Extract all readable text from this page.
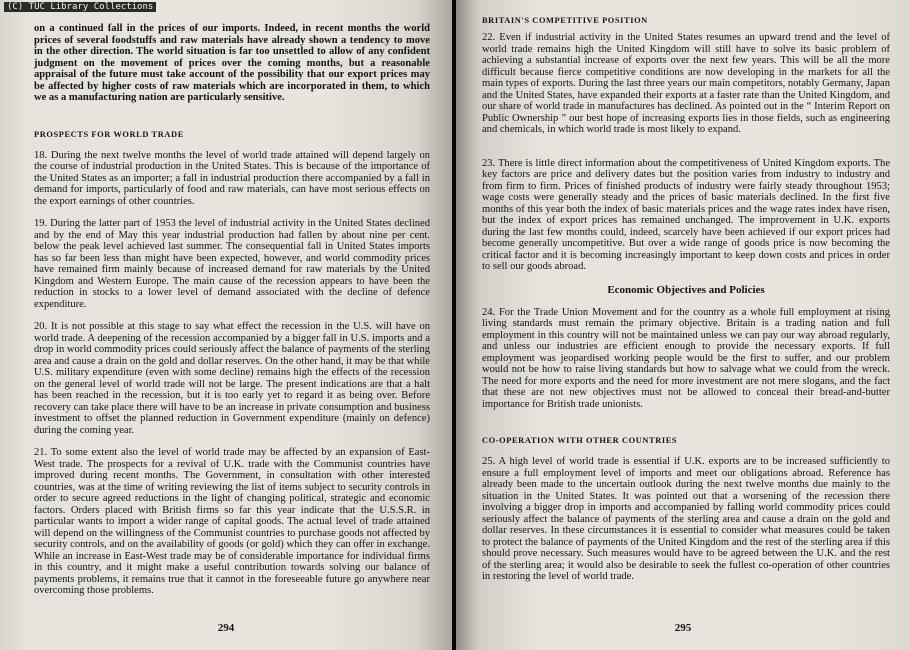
(C) TUC Library Collections

on a continued fall in the prices of our imports. Indeed, in recent months the world prices of several foodstuffs and raw materials have already shown a tendency to move in the other direction. The world situation is far too unsettled to allow of any confident judgment on the movement of prices over the coming months, but a reasonable appraisal of the future must take account of the possibility that our export prices may be affected by higher costs of raw materials which are incorporated in them, to which we as a manufacturing nation are particularly sensitive.

PROSPECTS FOR WORLD TRADE

18. During the next twelve months the level of world trade attained will depend largely on the course of industrial production in the United States. This is because of the importance of the United States as an importer; a fall in industrial production there accompanied by a fall in demand for imports, particularly of food and raw materials, can have most serious effects on the export earnings of other countries.

19. During the latter part of 1953 the level of industrial activity in the United States declined and by the end of May this year industrial production had fallen by about nine per cent. below the peak level achieved last summer. The consequential fall in United States imports has so far been less than might have been expected, however, and world commodity prices have remained firm mainly because of increased demand for raw materials by the United Kingdom and Western Europe. The main cause of the recession appears to have been the reduction in stocks to a lower level of demand associated with the decline of defence expenditure.

20. It is not possible at this stage to say what effect the recession in the U.S. will have on world trade. A deepening of the recession accompanied by a bigger fall in U.S. imports and a drop in world commodity prices could seriously affect the balance of payments of the sterling area and cause a drain on the gold and dollar reserves. On the other hand, it may be that while U.S. military expenditure (even with some decline) remains high the effects of the recession on the general level of world trade will not be large. The present indications are that a halt has been reached in the recession, but it is too early yet to regard it as being over. Before recovery can take place there will have to be an increase in private consumption and business investment to offset the planned reduction in Government expenditure (mainly on defence) during the coming year.

21. To some extent also the level of world trade may be affected by an expansion of East-West trade. The prospects for a revival of U.K. trade with the Communist countries have improved during recent months. The Government, in consultation with other interested countries, was at the time of writing reviewing the list of items subject to security controls in order to secure agreed reductions in the light of changing political, strategic and economic factors. Orders placed with British firms so far this year indicate that the U.S.S.R. in particular wants to import a wider range of capital goods. The actual level of trade attained will depend on the willingness of the Communist countries to purchase goods not affected by security controls, and on the availability of goods (or gold) which they can offer in exchange. While an increase in East-West trade may be of considerable importance for individual firms in this country, and it might make a useful contribution towards solving our balance of payments problems, it remains true that it cannot in the foreseeable future go anywhere near overcoming those problems.

294
BRITAIN'S COMPETITIVE POSITION

22. Even if industrial activity in the United States resumes an upward trend and the level of world trade remains high the United Kingdom will still have to solve its basic problem of achieving a substantial increase of exports over the next few years. This will be all the more difficult because fierce competitive conditions are now developing in the markets for all the main types of exports. During the last three years our main competitors, notably Germany, Japan and the United States, have expanded their exports at a faster rate than the United Kingdom, and our share of world trade in manufactures has declined. As pointed out in the “ Interim Report on Public Ownership ” our best hope of increasing exports lies in those fields, such as engineering and chemicals, in which world trade is most likely to expand.

23. There is little direct information about the competitiveness of United Kingdom exports. The key factors are price and delivery dates but the position varies from industry to industry and from firm to firm. Prices of finished products of industry were fairly steady throughout 1953; wage costs were generally steady and the prices of basic materials declined. In the first five months of this year both the index of basic materials prices and the wage rates index have risen, but the index of export prices has remained unchanged. The improvement in U.K. exports during the last few months could, indeed, scarcely have been achieved if our export prices had become generally uncompetitive. But over a wide range of goods price is now becoming the critical factor and it is becoming increasingly important to keep down costs and prices in order to sell our goods abroad.

Economic Objectives and Policies

24. For the Trade Union Movement and for the country as a whole full employment at rising living standards must remain the primary objective. Britain is a trading nation and full employment in this country will not be maintained unless we can pay our way abroad regularly, and unless our industries are efficient enough to provide the necessary exports. If full employment was jeopardised working people would be the first to suffer, and our problem would not be how to raise living standards but how to salvage what we could from the wreck. The need for more exports and the need for more investment are not mere slogans, and the fact that these are not new objectives must not be allowed to conceal their bread-and-butter importance for British trade unionists.

CO-OPERATION WITH OTHER COUNTRIES

25. A high level of world trade is essential if U.K. exports are to be increased sufficiently to ensure a full employment level of imports and meet our obligations abroad. Reference has already been made to the uncertain outlook during the next twelve months due mainly to the situation in the United States. It was pointed out that a worsening of the recession there involving a bigger drop in imports and accompanied by falling world commodity prices could seriously affect the balance of payments of the sterling area and cause a drain on the gold and dollar reserves. In these circumstances it is essential to consider what measures could be taken to protect the balance of payments of the United Kingdom and the rest of the sterling area if this should prove necessary. Such measures would have to be agreed between the U.K. and the rest of the sterling area; it would also be desirable to seek the fullest co-operation of other countries in restoring the level of world trade.

295
